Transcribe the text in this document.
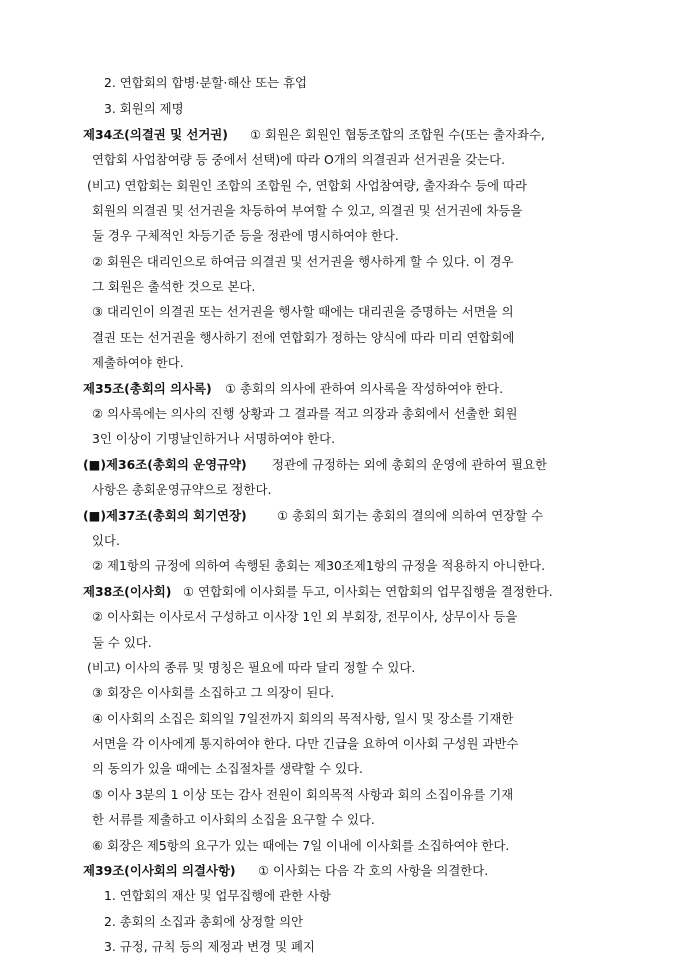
2. 연합회의 합병·분할·해산 또는 휴업
3. 회원의 제명
제34조(의결권 및 선거권) ① 회원은 회원인 협동조합의 조합원 수(또는 출자좌수,
연합회 사업참여량 등 중에서 선택)에 따라 O개의 의결권과 선거권을 갖는다.
(비고) 연합회는 회원인 조합의 조합원 수, 연합회 사업참여량, 출자좌수 등에 따라
회원의 의결권 및 선거권을 차등하여 부여할 수 있고, 의결권 및 선거권에 차등을
둘 경우 구체적인 차등기준 등을 정관에 명시하여야 한다.
② 회원은 대리인으로 하여금 의결권 및 선거권을 행사하게 할 수 있다. 이 경우
그 회원은 출석한 것으로 본다.
③ 대리인이 의결권 또는 선거권을 행사할 때에는 대리권을 증명하는 서면을 의
결권 또는 선거권을 행사하기 전에 연합회가 정하는 양식에 따라 미리 연합회에
제출하여야 한다.
제35조(총회의 의사록) ① 총회의 의사에 관하여 의사록을 작성하여야 한다.
② 의사록에는 의사의 진행 상황과 그 결과를 적고 의장과 총회에서 선출한 회원
3인 이상이 기명날인하거나 서명하여야 한다.
(■)제36조(총회의 운영규약) 정관에 규정하는 외에 총회의 운영에 관하여 필요한
사항은 총회운영규약으로 정한다.
(■)제37조(총회의 회기연장) ① 총회의 회기는 총회의 결의에 의하여 연장할 수
있다.
② 제1항의 규정에 의하여 속행된 총회는 제30조제1항의 규정을 적용하지 아니한다.
제38조(이사회) ① 연합회에 이사회를 두고, 이사회는 연합회의 업무집행을 결정한다.
② 이사회는 이사로서 구성하고 이사장 1인 외 부회장, 전무이사, 상무이사 등을
둘 수 있다.
(비고) 이사의 종류 및 명칭은 필요에 따라 달리 정할 수 있다.
③ 회장은 이사회를 소집하고 그 의장이 된다.
④ 이사회의 소집은 회의일 7일전까지 회의의 목적사항, 일시 및 장소를 기재한
서면을 각 이사에게 통지하여야 한다. 다만 긴급을 요하여 이사회 구성원 과반수
의 동의가 있을 때에는 소집절차를 생략할 수 있다.
⑤ 이사 3분의 1 이상 또는 감사 전원이 회의목적 사항과 회의 소집이유를 기재
한 서류를 제출하고 이사회의 소집을 요구할 수 있다.
⑥ 회장은 제5항의 요구가 있는 때에는 7일 이내에 이사회를 소집하여야 한다.
제39조(이사회의 의결사항) ① 이사회는 다음 각 호의 사항을 의결한다.
1. 연합회의 재산 및 업무집행에 관한 사항
2. 총회의 소집과 총회에 상정할 의안
3. 규정, 규칙 등의 제정과 변경 및 폐지
